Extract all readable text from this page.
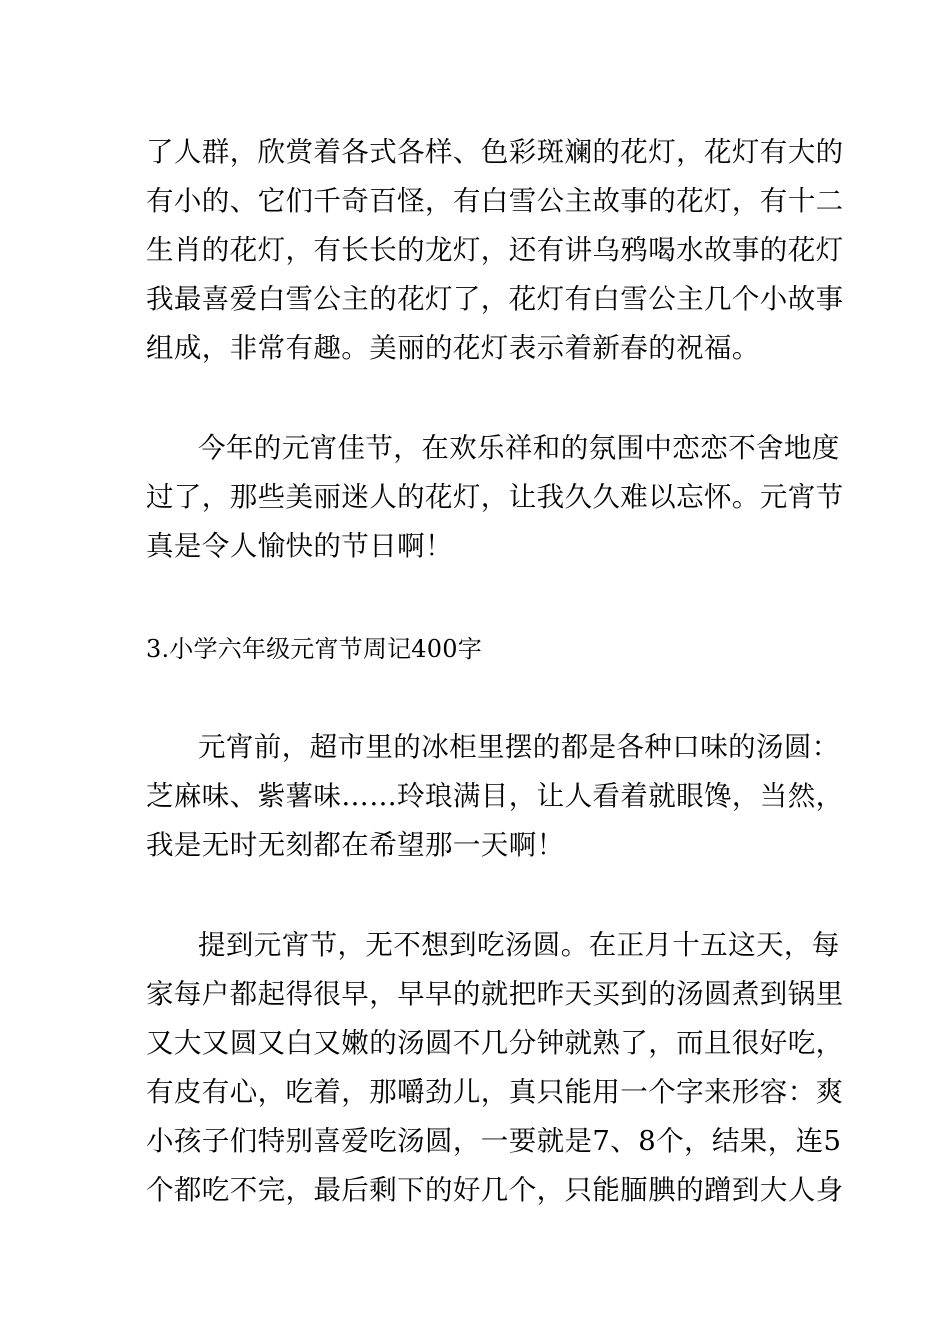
了人群，欣赏着各式各样、色彩斑斓的花灯，花灯有大的

有小的、它们千奇百怪，有白雪公主故事的花灯，有十二

生肖的花灯，有长长的龙灯，还有讲乌鸦喝水故事的花灯

我最喜爱白雪公主的花灯了，花灯有白雪公主几个小故事

组成，非常有趣。美丽的花灯表示着新春的祝福。

今年的元宵佳节，在欢乐祥和的氛围中恋恋不舍地度

过了，那些美丽迷人的花灯，让我久久难以忘怀。元宵节

真是令人愉快的节日啊！

3.小学六年级元宵节周记400字

元宵前，超市里的冰柜里摆的都是各种口味的汤圆：

芝麻味、紫薯味……玲琅满目，让人看着就眼馋，当然，

我是无时无刻都在希望那一天啊！

提到元宵节，无不想到吃汤圆。在正月十五这天，每

家每户都起得很早，早早的就把昨天买到的汤圆煮到锅里

又大又圆又白又嫩的汤圆不几分钟就熟了，而且很好吃，

有皮有心，吃着，那嚼劲儿，真只能用一个字来形容：爽

小孩子们特别喜爱吃汤圆，一要就是7、8个，结果，连5

个都吃不完，最后剩下的好几个，只能腼腆的蹭到大人身
